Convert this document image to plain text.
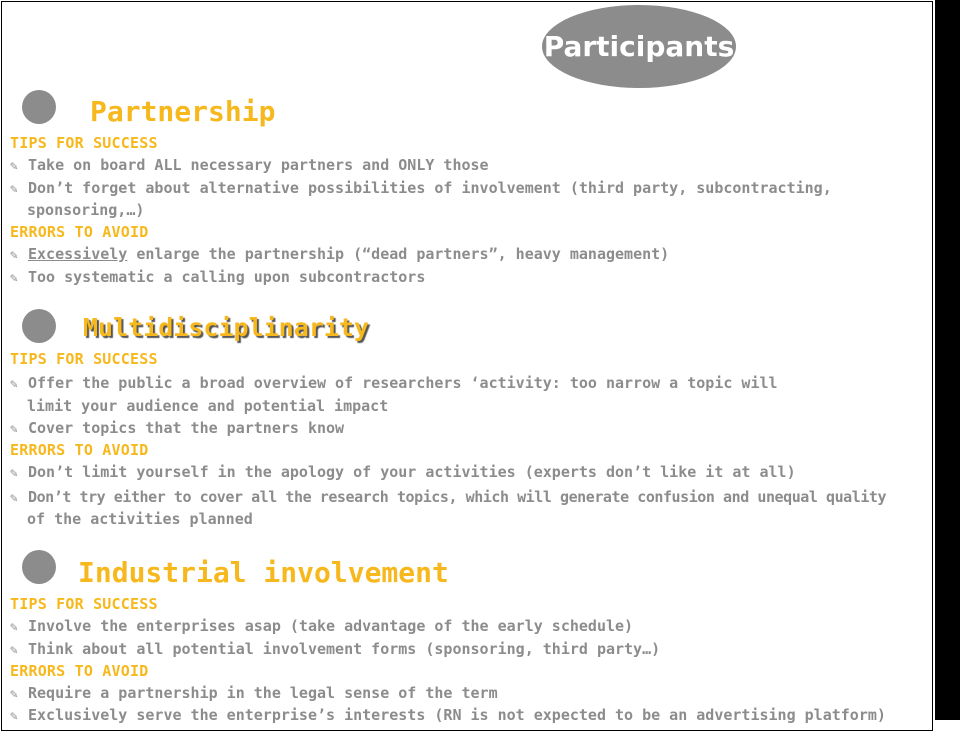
Participants
Partnership
TIPS FOR SUCCESS
✎ Take on board ALL necessary partners and ONLY those
✎ Don’t forget about alternative possibilities of involvement (third party, subcontracting,
sponsoring,…)
ERRORS TO AVOID
✎ Excessively enlarge the partnership (“dead partners”, heavy management)
✎ Too systematic a calling upon subcontractors
Multidisciplinarity
TIPS FOR SUCCESS
✎ Offer the public a broad overview of researchers ‘activity: too narrow a topic will
limit your audience and potential impact
✎ Cover topics that the partners know
ERRORS TO AVOID
✎ Don’t limit yourself in the apology of your activities (experts don’t like it at all)
✎ Don’t try either to cover all the research topics, which will generate confusion and unequal quality
of the activities planned
Industrial involvement
TIPS FOR SUCCESS
✎ Involve the enterprises asap (take advantage of the early schedule)
✎ Think about all potential involvement forms (sponsoring, third party…)
ERRORS TO AVOID
✎ Require a partnership in the legal sense of the term
✎ Exclusively serve the enterprise’s interests (RN is not expected to be an advertising platform)
